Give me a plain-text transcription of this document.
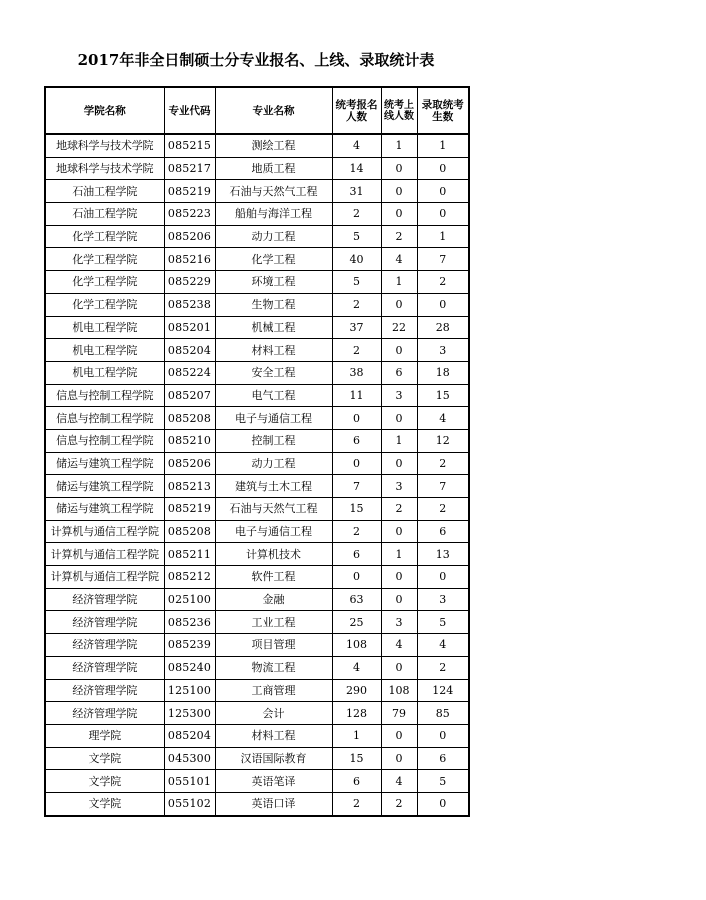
2017年非全日制硕士分专业报名、上线、录取统计表
学院名称	专业代码	专业名称	统考报名人数	统考上线人数	录取统考生数
地球科学与技术学院	085215	测绘工程	4	1	1
地球科学与技术学院	085217	地质工程	14	0	0
石油工程学院	085219	石油与天然气工程	31	0	0
石油工程学院	085223	船舶与海洋工程	2	0	0
化学工程学院	085206	动力工程	5	2	1
化学工程学院	085216	化学工程	40	4	7
化学工程学院	085229	环境工程	5	1	2
化学工程学院	085238	生物工程	2	0	0
机电工程学院	085201	机械工程	37	22	28
机电工程学院	085204	材料工程	2	0	3
机电工程学院	085224	安全工程	38	6	18
信息与控制工程学院	085207	电气工程	11	3	15
信息与控制工程学院	085208	电子与通信工程	0	0	4
信息与控制工程学院	085210	控制工程	6	1	12
储运与建筑工程学院	085206	动力工程	0	0	2
储运与建筑工程学院	085213	建筑与土木工程	7	3	7
储运与建筑工程学院	085219	石油与天然气工程	15	2	2
计算机与通信工程学院	085208	电子与通信工程	2	0	6
计算机与通信工程学院	085211	计算机技术	6	1	13
计算机与通信工程学院	085212	软件工程	0	0	0
经济管理学院	025100	金融	63	0	3
经济管理学院	085236	工业工程	25	3	5
经济管理学院	085239	项目管理	108	4	4
经济管理学院	085240	物流工程	4	0	2
经济管理学院	125100	工商管理	290	108	124
经济管理学院	125300	会计	128	79	85
理学院	085204	材料工程	1	0	0
文学院	045300	汉语国际教育	15	0	6
文学院	055101	英语笔译	6	4	5
文学院	055102	英语口译	2	2	0
